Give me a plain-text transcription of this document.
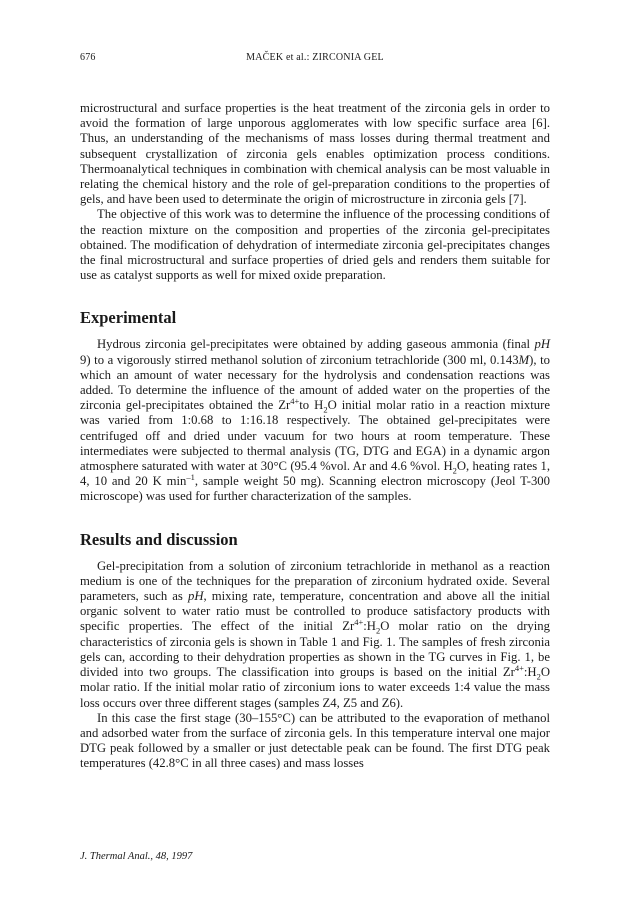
676	MAČEK et al.: ZIRCONIA GEL

microstructural and surface properties is the heat treatment of the zirconia gels in order to avoid the formation of large unporous agglomerates with low specific surface area [6]. Thus, an understanding of the mechanisms of mass losses during thermal treatment and subsequent crystallization of zirconia gels enables optimization process conditions. Thermoanalytical techniques in combination with chemical analysis can be most valuable in relating the chemical history and the role of gel-preparation conditions to the properties of gels, and have been used to determinate the origin of microstructure in zirconia gels [7].

The objective of this work was to determine the influence of the processing conditions of the reaction mixture on the composition and properties of the zirconia gel-precipitates obtained. The modification of dehydration of intermediate zirconia gel-precipitates changes the final microstructural and surface properties of dried gels and renders them suitable for use as catalyst supports as well for mixed oxide preparation.

Experimental

Hydrous zirconia gel-precipitates were obtained by adding gaseous ammonia (final pH 9) to a vigorously stirred methanol solution of zirconium tetrachloride (300 ml, 0.143M), to which an amount of water necessary for the hydrolysis and condensation reactions was added. To determine the influence of the amount of added water on the properties of the zirconia gel-precipitates obtained the $Zr^{4+}to$ $H_2O$ initial molar ratio in a reaction mixture was varied from 1:0.68 to 1:16.18 respectively. The obtained gel-precipitates were centrifuged off and dried under vacuum for two hours at room temperature. These intermediates were subjected to thermal analysis (TG, DTG and EGA) in a dynamic argon atmosphere saturated with water at 30°C (95.4 %vol. Ar and 4.6 %vol. $H_2O$, heating rates 1, 4, 10 and 20 K $\min^{-1}$, sample weight 50 mg). Scanning electron microscopy (Jeol T-300 microscope) was used for further characterization of the samples.

Results and discussion

Gel-precipitation from a solution of zirconium tetrachloride in methanol as a reaction medium is one of the techniques for the preparation of zirconium hydrated oxide. Several parameters, such as pH, mixing rate, temperature, concentration and above all the initial organic solvent to water ratio must be controlled to produce satisfactory products with specific properties. The effect of the initial $Zr^{4+}:H_2O$ molar ratio on the drying characteristics of zirconia gels is shown in Table 1 and Fig. 1. The samples of fresh zirconia gels can, according to their dehydration properties as shown in the TG curves in Fig. 1, be divided into two groups. The classification into groups is based on the initial $Zr^{4+}:H_2O$ molar ratio. If the initial molar ratio of zirconium ions to water exceeds 1:4 value the mass loss occurs over three different stages (samples Z4, Z5 and Z6).

In this case the first stage (30–155°C) can be attributed to the evaporation of methanol and adsorbed water from the surface of zirconia gels. In this temperature interval one major DTG peak followed by a smaller or just detectable peak can be found. The first DTG peak temperatures (42.8°C in all three cases) and mass losses

J. Thermal Anal., 48, 1997
